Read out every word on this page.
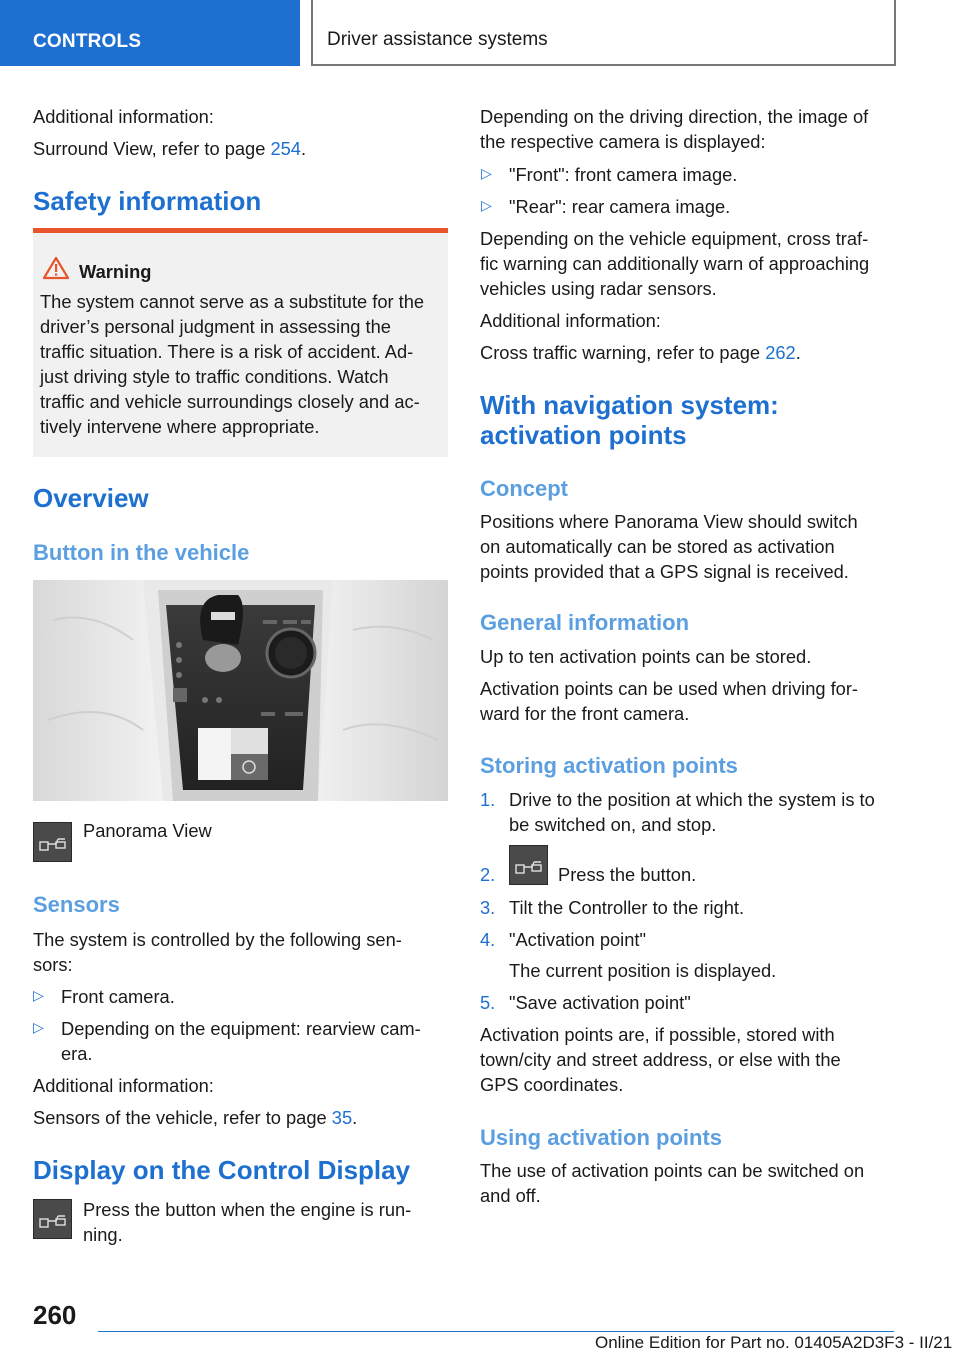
CONTROLS	Driver assistance systems
Additional information:
Surround View, refer to page 254.
Safety information
Warning
The system cannot serve as a substitute for the
driver’s personal judgment in assessing the
traffic situation. There is a risk of accident. Ad-
just driving style to traffic conditions. Watch
traffic and vehicle surroundings closely and ac-
tively intervene where appropriate.
Overview
Button in the vehicle
Panorama View
Sensors
The system is controlled by the following sen-
sors:
▷ Front camera.
▷ Depending on the equipment: rearview cam-
era.
Additional information:
Sensors of the vehicle, refer to page 35.
Display on the Control Display
Press the button when the engine is run-
ning.
Depending on the driving direction, the image of
the respective camera is displayed:
▷ "Front": front camera image.
▷ "Rear": rear camera image.
Depending on the vehicle equipment, cross traf-
fic warning can additionally warn of approaching
vehicles using radar sensors.
Additional information:
Cross traffic warning, refer to page 262.
With navigation system:
activation points
Concept
Positions where Panorama View should switch
on automatically can be stored as activation
points provided that a GPS signal is received.
General information
Up to ten activation points can be stored.
Activation points can be used when driving for-
ward for the front camera.
Storing activation points
1. Drive to the position at which the system is to
be switched on, and stop.
2.	Press the button.
3. Tilt the Controller to the right.
4. "Activation point"
The current position is displayed.
5. "Save activation point"
Activation points are, if possible, stored with
town/city and street address, or else with the
GPS coordinates.
Using activation points
The use of activation points can be switched on
and off.
260
Online Edition for Part no. 01405A2D3F3 - II/21
